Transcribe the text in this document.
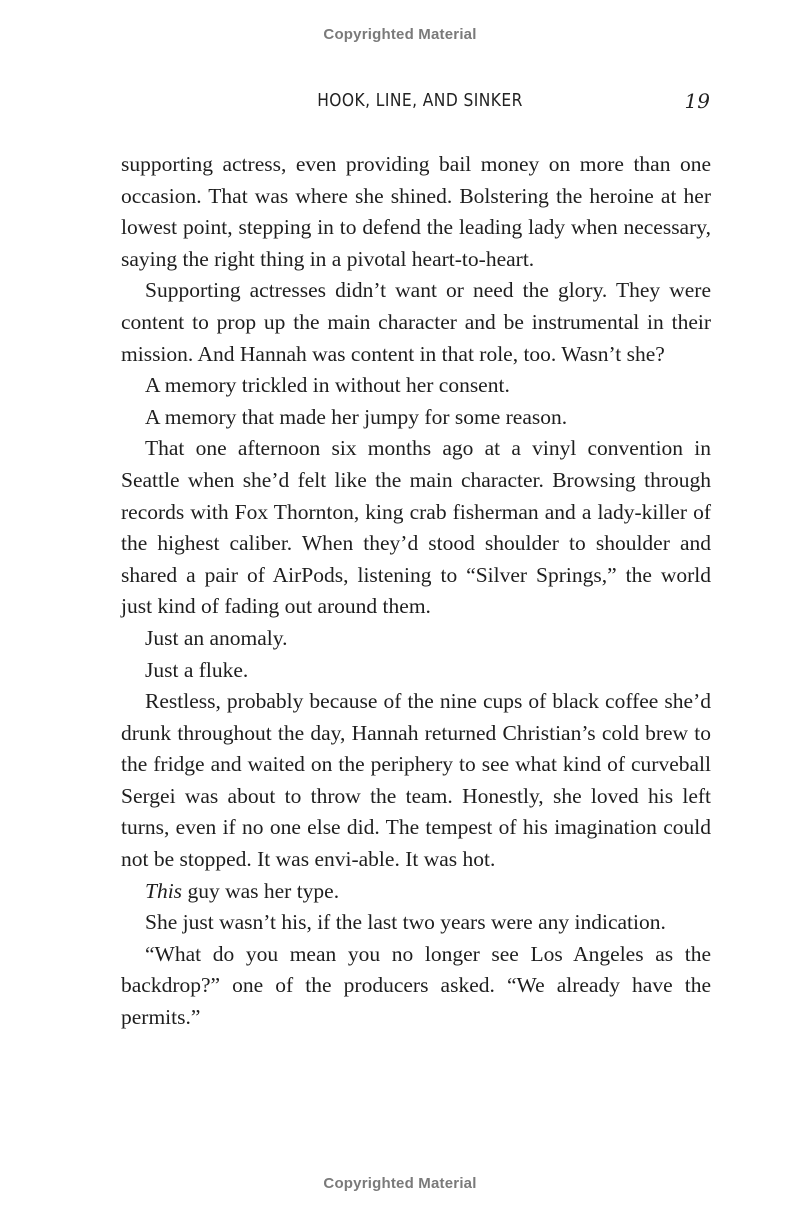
Copyrighted Material
HOOK, LINE, AND SINKER	19

supporting actress, even providing bail money on more than one occasion. That was where she shined. Bolstering the heroine at her lowest point, stepping in to defend the leading lady when necessary, saying the right thing in a pivotal heart-to-heart.

Supporting actresses didn’t want or need the glory. They were content to prop up the main character and be instrumental in their mission. And Hannah was content in that role, too. Wasn’t she?

A memory trickled in without her consent.

A memory that made her jumpy for some reason.

That one afternoon six months ago at a vinyl convention in Seattle when she’d felt like the main character. Browsing through records with Fox Thornton, king crab fisherman and a lady-killer of the highest caliber. When they’d stood shoulder to shoulder and shared a pair of AirPods, listening to “Silver Springs,” the world just kind of fading out around them.

Just an anomaly.

Just a fluke.

Restless, probably because of the nine cups of black coffee she’d drunk throughout the day, Hannah returned Christian’s cold brew to the fridge and waited on the periphery to see what kind of curveball Sergei was about to throw the team. Honestly, she loved his left turns, even if no one else did. The tempest of his imagination could not be stopped. It was envi-able. It was hot.

This guy was her type.

She just wasn’t his, if the last two years were any indication.

“What do you mean you no longer see Los Angeles as the backdrop?” one of the producers asked. “We already have the permits.”

Copyrighted Material
